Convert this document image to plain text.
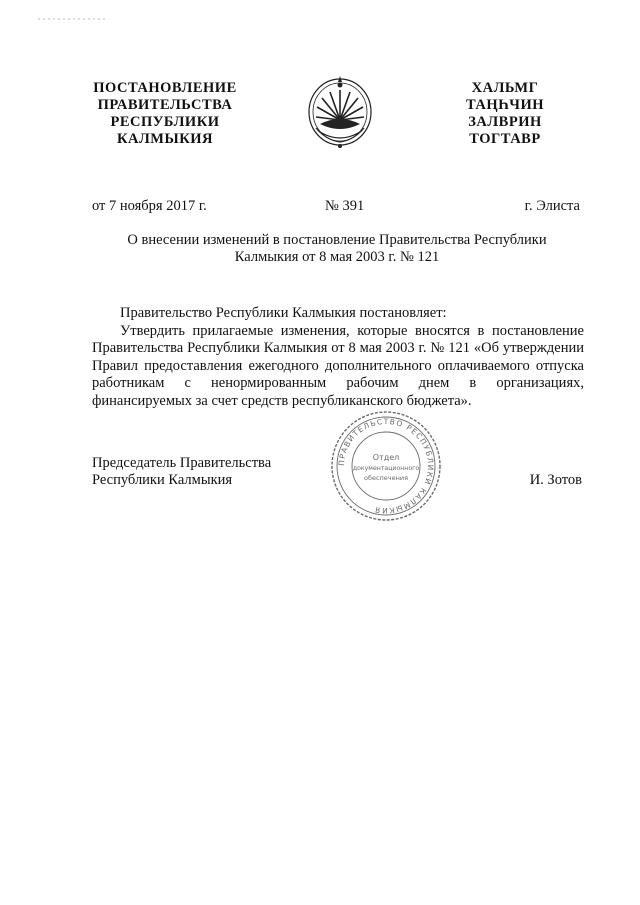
ПОСТАНОВЛЕНИЕ
ПРАВИТЕЛЬСТВА
РЕСПУБЛИКИ
КАЛМЫКИЯ
ХАЛЬМГ
ТАҢҺЧИН
ЗАЛВРИН
ТОГТАВР
от 7 ноября 2017 г.	№ 391	г. Элиста
О внесении изменений в постановление Правительства Республики
Калмыкия от 8 мая 2003 г. № 121

Правительство Республики Калмыкия постановляет:

Утвердить прилагаемые изменения, которые вносятся в постановление Правительства Республики Калмыкия от 8 мая 2003 г. № 121 «Об утверждении Правил предоставления ежегодного дополнительного оплачиваемого отпуска работникам с ненормированным рабочим днем в организациях, финансируемых за счет средств республиканского бюджета».

ПРАВИТЕЛЬСТВО РЕСПУБЛИКИ КАЛМЫКИЯ
Отдел
документационного
обеспечения
Председатель Правительства
Республики Калмыкия	И. Зотов
